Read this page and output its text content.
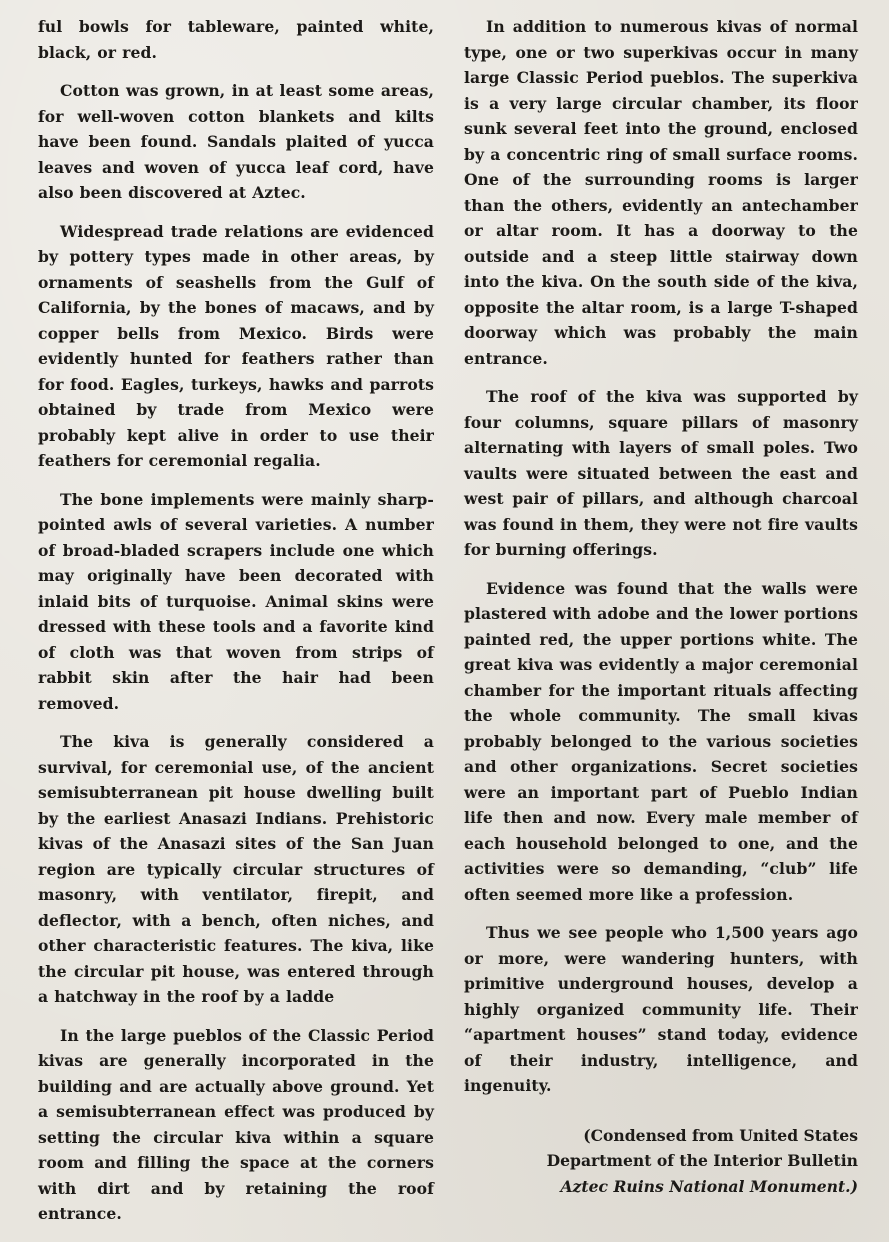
ful bowls for tableware, painted white, black, or red.

Cotton was grown, in at least some areas, for well-woven cotton blankets and kilts have been found. Sandals plaited of yucca leaves and woven of yucca leaf cord, have also been discovered at Aztec.

Widespread trade relations are evidenced by pottery types made in other areas, by ornaments of seashells from the Gulf of California, by the bones of macaws, and by copper bells from Mexico. Birds were evidently hunted for feathers rather than for food. Eagles, turkeys, hawks and parrots obtained by trade from Mexico were probably kept alive in order to use their feathers for ceremonial regalia.

The bone implements were mainly sharp-pointed awls of several varieties. A number of broad-bladed scrapers include one which may originally have been decorated with inlaid bits of turquoise. Animal skins were dressed with these tools and a favorite kind of cloth was that woven from strips of rabbit skin after the hair had been removed.

The kiva is generally considered a survival, for ceremonial use, of the ancient semisubterranean pit house dwelling built by the earliest Anasazi Indians. Prehistoric kivas of the Anasazi sites of the San Juan region are typically circular structures of masonry, with ventilator, firepit, and deflector, with a bench, often niches, and other characteristic features. The kiva, like the circular pit house, was entered through a hatchway in the roof by a ladde

In the large pueblos of the Classic Period kivas are generally incorporated in the building and are actually above ground. Yet a semisubterranean effect was produced by setting the circular kiva within a square room and filling the space at the corners with dirt and by retaining the roof entrance.

In addition to numerous kivas of normal type, one or two superkivas occur in many large Classic Period pueblos. The superkiva is a very large circular chamber, its floor sunk several feet into the ground, enclosed by a concentric ring of small surface rooms. One of the surrounding rooms is larger than the others, evidently an antechamber or altar room. It has a doorway to the outside and a steep little stairway down into the kiva. On the south side of the kiva, opposite the altar room, is a large T-shaped doorway which was probably the main entrance.

The roof of the kiva was supported by four columns, square pillars of masonry alternating with layers of small poles. Two vaults were situated between the east and west pair of pillars, and although charcoal was found in them, they were not fire vaults for burning offerings.

Evidence was found that the walls were plastered with adobe and the lower portions painted red, the upper portions white. The great kiva was evidently a major ceremonial chamber for the important rituals affecting the whole community. The small kivas probably belonged to the various societies and other organizations. Secret societies were an important part of Pueblo Indian life then and now. Every male member of each household belonged to one, and the activities were so demanding, “club” life often seemed more like a profession.

Thus we see people who 1,500 years ago or more, were wandering hunters, with primitive underground houses, develop a highly organized community life. Their “apartment houses” stand today, evidence of their industry, intelligence, and ingenuity.

(Condensed from United States
Department of the Interior Bulletin
Aztec Ruins National Monument.)
